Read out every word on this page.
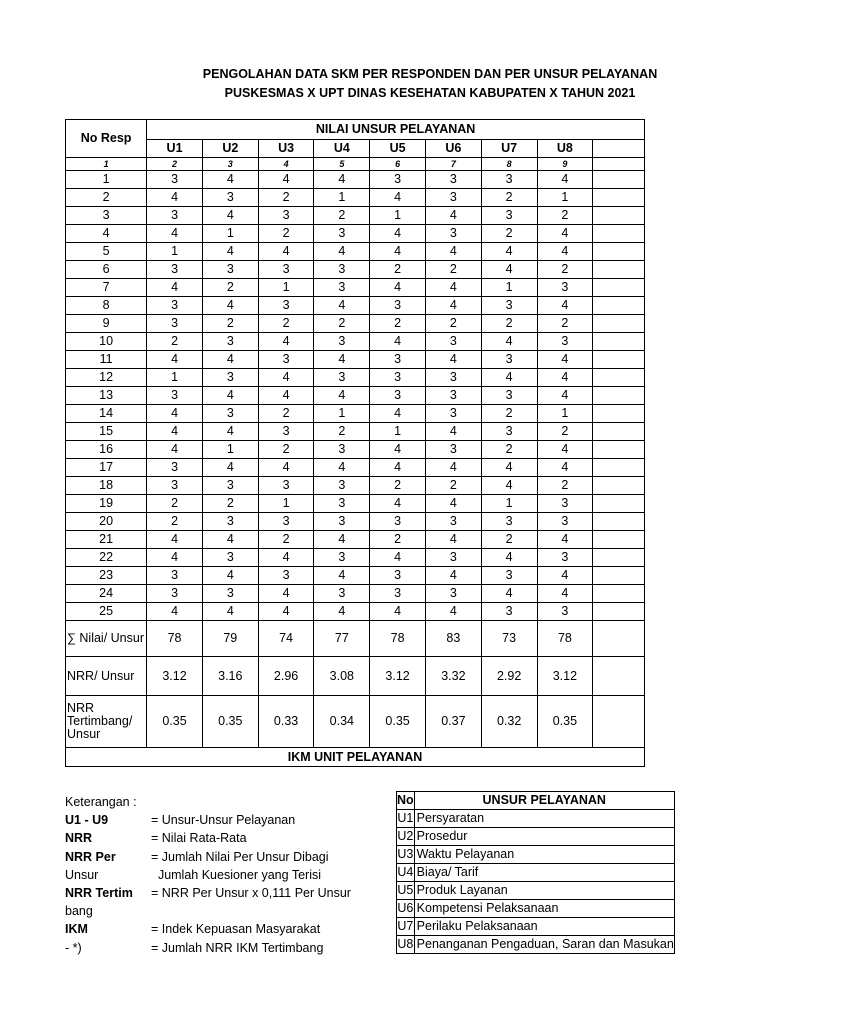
PENGOLAHAN DATA SKM PER RESPONDEN DAN PER UNSUR PELAYANAN
PUSKESMAS X UPT DINAS KESEHATAN KABUPATEN X TAHUN 2021
No Resp	NILAI UNSUR PELAYANAN								
	U1	U2	U3	U4	U5	U6	U7	U8	
1	2	3	4	5	6	7	8	9	
1	3	4	4	4	3	3	3	4	
2	4	3	2	1	4	3	2	1	
3	3	4	3	2	1	4	3	2	
4	4	1	2	3	4	3	2	4	
5	1	4	4	4	4	4	4	4	
6	3	3	3	3	2	2	4	2	
7	4	2	1	3	4	4	1	3	
8	3	4	3	4	3	4	3	4	
9	3	2	2	2	2	2	2	2	
10	2	3	4	3	4	3	4	3	
11	4	4	3	4	3	4	3	4	
12	1	3	4	3	3	3	4	4	
13	3	4	4	4	3	3	3	4	
14	4	3	2	1	4	3	2	1	
15	4	4	3	2	1	4	3	2	
16	4	1	2	3	4	3	2	4	
17	3	4	4	4	4	4	4	4	
18	3	3	3	3	2	2	4	2	
19	2	2	1	3	4	4	1	3	
20	2	3	3	3	3	3	3	3	
21	4	4	2	4	2	4	2	4	
22	4	3	4	3	4	3	4	3	
23	3	4	3	4	3	4	3	4	
24	3	3	4	3	3	3	4	4	
25	4	4	4	4	4	4	3	3	
∑ Nilai/ Unsur	78	79	74	77	78	83	73	78	
NRR/ Unsur	3.12	3.16	2.96	3.08	3.12	3.32	2.92	3.12	
NRR Tertimbang/ Unsur	0.35	0.35	0.33	0.34	0.35	0.37	0.32	0.35	
IKM UNIT PELAYANAN									
Keterangan :
U1 - U9	= Unsur-Unsur Pelayanan
NRR	= Nilai Rata-Rata
NRR Per	= Jumlah Nilai Per Unsur Dibagi
Unsur	Jumlah Kuesioner yang Terisi
NRR Tertim = NRR Per Unsur x 0,111 Per Unsur
bang
IKM	= Indek Kepuasan Masyarakat
- *)	= Jumlah NRR IKM Tertimbang
No	UNSUR PELAYANAN
U1	Persyaratan
U2	Prosedur
U3	Waktu Pelayanan
U4	Biaya/ Tarif
U5	Produk Layanan
U6	Kompetensi Pelaksanaan
U7	Perilaku Pelaksanaan
U8	Penanganan Pengaduan, Saran dan Masukan
